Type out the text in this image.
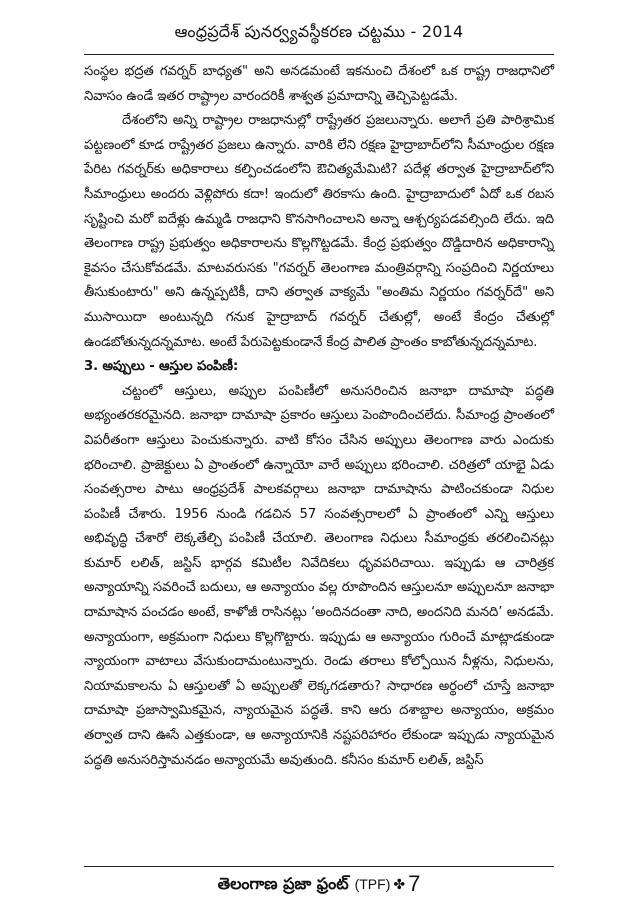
ఆంధ్రప్రదేశ్ పునర్వ్యవస్థీకరణ చట్టము - 2014

సంస్థల భద్రత గవర్నర్ బాధ్యత" అని అనడమంటే ఇకనుంచి దేశంలో ఒక రాష్ట్ర రాజధానిలో నివాసం ఉండే ఇతర రాష్ట్రాల వారందరికీ శాశ్వత ప్రమాదాన్ని తెచ్చిపెట్టడమే.

దేశంలోని అన్ని రాష్ట్రాల రాజధానుల్లో రాష్ట్రేతర ప్రజలున్నారు. అలాగే ప్రతి పారిశ్రామిక పట్టణంలో కూడ రాష్ట్రేతర ప్రజలు ఉన్నారు. వారికి లేని రక్షణ హైద్రాబాద్‌లోని సీమాంధ్రుల రక్షణ పేరిట గవర్నర్‌కు అధికారాలు కల్పించడంలోని ఔచిత్యమేమిటి? పదేళ్ల తర్వాత హైద్రాబాద్‌లోని సీమాంధ్రులు అందరు వెళ్లిపోరు కదా! ఇందులో తిరకాసు ఉంది. హైద్రాబాదులో ఏదో ఒక రబస సృష్టించి మరో ఐదేళ్లు ఉమ్మడి రాజధాని కొనసాగించాలని అన్నా ఆశ్చర్యపడవల్సింది లేదు. ఇది తెలంగాణ రాష్ట్ర ప్రభుత్వం అధికారాలను కొల్లగొట్టడమే. కేంద్ర ప్రభుత్వం దొడ్డిదారిన అధికారాన్ని కైవసం చేసుకోవడమే. మాటవరుసకు "గవర్నర్ తెలంగాణ మంత్రివర్గాన్ని సంప్రదించి నిర్ణయాలు తీసుకుంటారు" అని ఉన్నప్పటికీ, దాని తర్వాత వాక్యమే "అంతిమ నిర్ణయం గవర్నర్‌దే" అని ముసాయిదా అంటున్నది గనుక హైద్రాబాద్ గవర్నర్ చేతుల్లో, అంటే కేంద్రం చేతుల్లో ఉండబోతున్నదన్నమాట. అంటే పేరుపెట్టకుండానే కేంద్ర పాలిత ప్రాంతం కాబోతున్నదన్నమాట.

3. అప్పులు - ఆస్తుల పంపిణీ:

చట్టంలో ఆస్తులు, అప్పుల పంపిణీలో అనుసరించిన జనాభా దామాషా పద్ధతి అభ్యంతరకరమైనది. జనాభా దామాషా ప్రకారం ఆస్తులు పెంపొందించలేదు. సీమాంధ్ర ప్రాంతంలో విపరీతంగా ఆస్తులు పెంచుకున్నారు. వాటి కోసం చేసిన అప్పులు తెలంగాణ వారు ఎందుకు భరించాలి. ప్రాజెక్టులు ఏ ప్రాంతంలో ఉన్నాయో వారే అప్పులు భరించాలి. చరిత్రలో యాభై ఏడు సంవత్సరాల పాటు ఆంధ్రప్రదేశ్ పాలకవర్గాలు జనాభా దామాషాను పాటించకుండా నిధుల పంపిణీ చేశారు. 1956 నుండి గడచిన 57 సంవత్సరాలలో ఏ ప్రాంతంలో ఎన్ని ఆస్తులు అభివృద్ధి చేశారో లెక్కతేల్చి పంపిణీ చేయాలి. తెలంగాణ నిధులు సీమాంధ్రకు తరలించినట్లు కుమార్ లలిత్, జస్టిస్ భార్గవ కమిటీల నివేదికలు ధృవపరిచాయి. ఇప్పుడు ఆ చారిత్రక అన్యాయాన్ని సవరించే బదులు, ఆ అన్యాయం వల్ల రూపొందిన ఆస్తులనూ అప్పులనూ జనాభా దామాషాన పంచడం అంటే, కాళోజీ రాసినట్లు ‘అందినదంతా నాది, అందనిది మనది’ అనడమే. అన్యాయంగా, అక్రమంగా నిధులు కొల్లగొట్టారు. ఇప్పుడు ఆ అన్యాయం గురించే మాట్లాడకుండా న్యాయంగా వాటాలు వేసుకుందామంటున్నారు. రెండు తరాలు కోల్పోయిన నీళ్లను, నిధులను, నియామకాలను ఏ ఆస్తులతో ఏ అప్పులతో లెక్కగడతారు? సాధారణ అర్థంలో చూస్తే జనాభా దామాషా ప్రజాస్వామికమైన, న్యాయమైన పద్ధతే. కాని ఆరు దశాబ్దాల అన్యాయం, అక్రమం తర్వాత దాని ఊసే ఎత్తకుండా, ఆ అన్యాయానికి నష్టపరిహారం లేకుండా ఇప్పుడు న్యాయమైన పద్ధతి అనుసరిస్తామనడం అన్యాయమే అవుతుంది. కనీసం కుమార్ లలిత్, జస్టిస్

తెలంగాణ ప్రజా ఫ్రంట్ (TPF) ✤ 7
